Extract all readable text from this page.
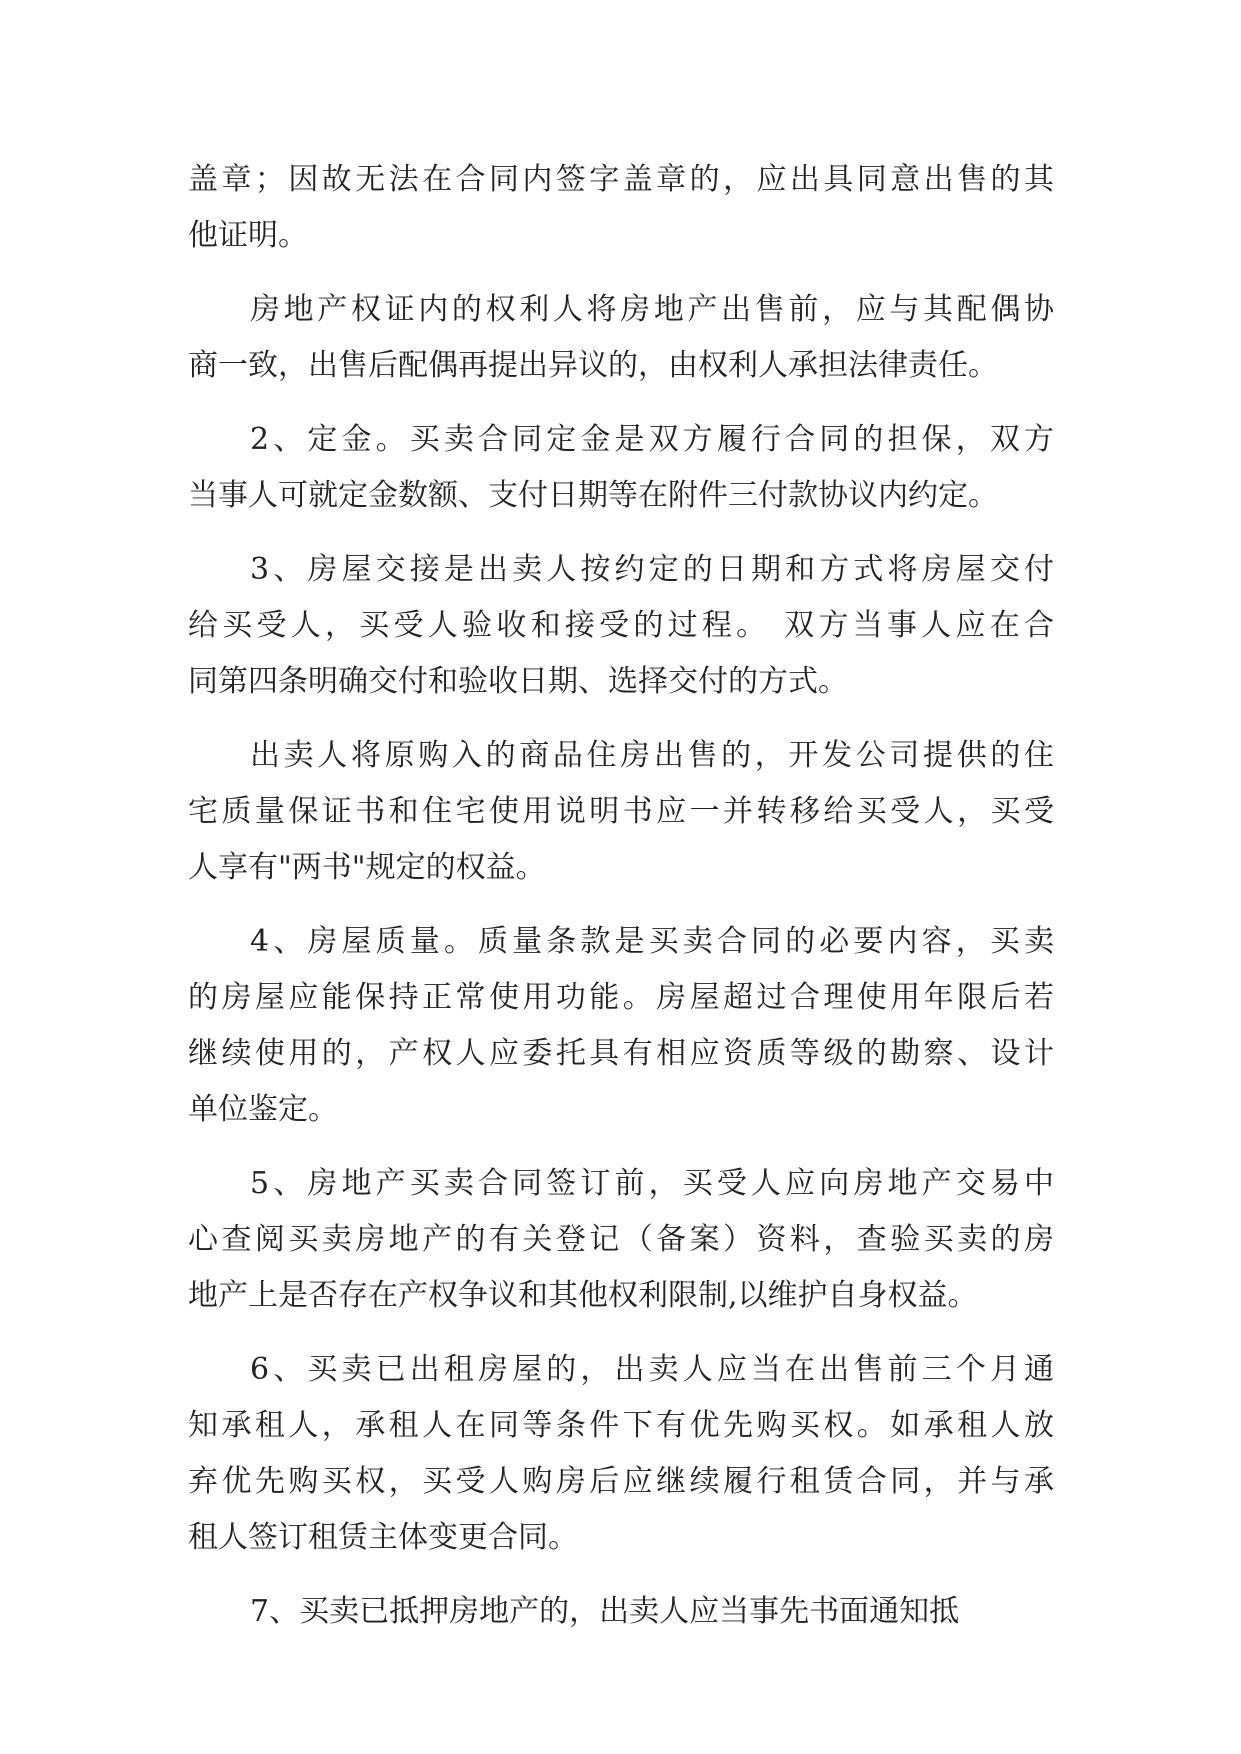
盖章；因故无法在合同内签字盖章的，应出具同意出售的其
他证明。
房地产权证内的权利人将房地产出售前，应与其配偶协
商一致，出售后配偶再提出异议的，由权利人承担法律责任。
2、定金。买卖合同定金是双方履行合同的担保，双方
当事人可就定金数额、支付日期等在附件三付款协议内约定。
3、房屋交接是出卖人按约定的日期和方式将房屋交付
给买受人，买受人验收和接受的过程。 双方当事人应在合
同第四条明确交付和验收日期、选择交付的方式。
出卖人将原购入的商品住房出售的，开发公司提供的住
宅质量保证书和住宅使用说明书应一并转移给买受人，买受
人享有"两书"规定的权益。
4、房屋质量。质量条款是买卖合同的必要内容，买卖
的房屋应能保持正常使用功能。房屋超过合理使用年限后若
继续使用的，产权人应委托具有相应资质等级的勘察、设计
单位鉴定。
5、房地产买卖合同签订前，买受人应向房地产交易中
心查阅买卖房地产的有关登记（备案）资料，查验买卖的房
地产上是否存在产权争议和其他权利限制,以维护自身权益。
6、买卖已出租房屋的，出卖人应当在出售前三个月通
知承租人，承租人在同等条件下有优先购买权。如承租人放
弃优先购买权，买受人购房后应继续履行租赁合同，并与承
租人签订租赁主体变更合同。
7、买卖已抵押房地产的，出卖人应当事先书面通知抵
